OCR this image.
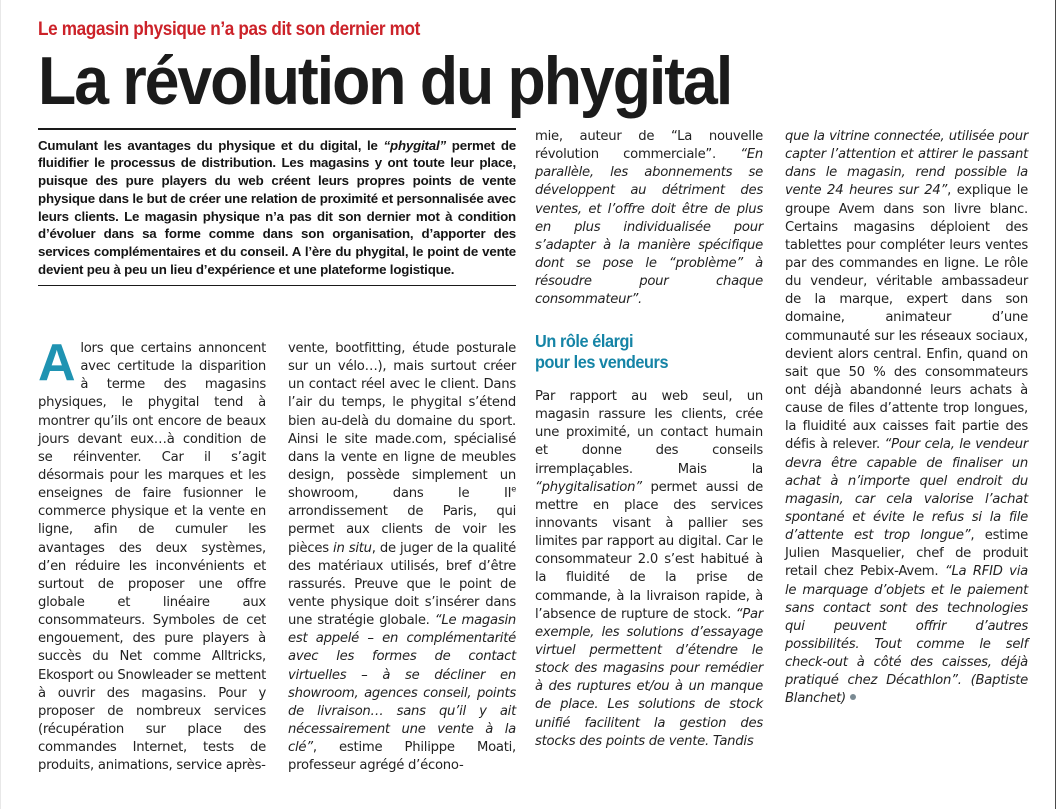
Le magasin physique n’a pas dit son dernier mot
La révolution du phygital

Cumulant les avantages du physique et du digital, le “phygital” permet de fluidifier le processus de distribution. Les magasins y ont toute leur place, puisque des pure players du web créent leurs propres points de vente physique dans le but de créer une relation de proximité et personnalisée avec leurs clients. Le magasin physique n’a pas dit son dernier mot à condition d’évoluer dans sa forme comme dans son organisation, d’apporter des services complémentaires et du conseil. A l’ère du phygital, le point de vente devient peu à peu un lieu d’expérience et une plateforme logistique.

Alors que certains annoncent avec certitude la disparition à terme des magasins physiques, le phygital tend à montrer qu’ils ont encore de beaux jours devant eux…à condition de se réinventer. Car il s’agit désormais pour les marques et les enseignes de faire fusionner le commerce physique et la vente en ligne, afin de cumuler les avantages des deux systèmes, d’en réduire les inconvénients et surtout de proposer une offre globale et linéaire aux consommateurs. Symboles de cet engouement, des pure players à succès du Net comme Alltricks, Ekosport ou Snowleader se mettent à ouvrir des magasins. Pour y proposer de nombreux services (récupération sur place des commandes Internet, tests de produits, animations, service après-

vente, bootfitting, étude posturale sur un vélo…), mais surtout créer un contact réel avec le client. Dans l’air du temps, le phygital s’étend bien au-delà du domaine du sport. Ainsi le site made.com, spécialisé dans la vente en ligne de meubles design, possède simplement un showroom, dans le IIe arrondissement de Paris, qui permet aux clients de voir les pièces in situ, de juger de la qualité des matériaux utilisés, bref d’être rassurés. Preuve que le point de vente physique doit s’insérer dans une stratégie globale. “Le magasin est appelé – en complémentarité avec les formes de contact virtuelles – à se décliner en showroom, agences conseil, points de livraison… sans qu’il y ait nécessairement une vente à la clé”, estime Philippe Moati, professeur agrégé d’écono-

mie, auteur de “La nouvelle révolution commerciale”. “En parallèle, les abonnements se développent au détriment des ventes, et l’offre doit être de plus en plus individualisée pour s’adapter à la manière spécifique dont se pose le “problème” à résoudre pour chaque consommateur”.

Un rôle élargi
pour les vendeurs

Par rapport au web seul, un magasin rassure les clients, crée une proximité, un contact humain et donne des conseils irremplaçables. Mais la “phygitalisation” permet aussi de mettre en place des services innovants visant à pallier ses limites par rapport au digital. Car le consommateur 2.0 s’est habitué à la fluidité de la prise de commande, à la livraison rapide, à l’absence de rupture de stock. “Par exemple, les solutions d’essayage virtuel permettent d’étendre le stock des magasins pour remédier à des ruptures et/ou à un manque de place. Les solutions de stock unifié facilitent la gestion des stocks des points de vente. Tandis

que la vitrine connectée, utilisée pour capter l’attention et attirer le passant dans le magasin, rend possible la vente 24 heures sur 24”, explique le groupe Avem dans son livre blanc. Certains magasins déploient des tablettes pour compléter leurs ventes par des commandes en ligne. Le rôle du vendeur, véritable ambassadeur de la marque, expert dans son domaine, animateur d’une communauté sur les réseaux sociaux, devient alors central. Enfin, quand on sait que 50 % des consommateurs ont déjà abandonné leurs achats à cause de files d’attente trop longues, la fluidité aux caisses fait partie des défis à relever. “Pour cela, le vendeur devra être capable de finaliser un achat à n’importe quel endroit du magasin, car cela valorise l’achat spontané et évite le refus si la file d’attente est trop longue”, estime Julien Masquelier, chef de produit retail chez Pebix-Avem. “La RFID via le marquage d’objets et le paiement sans contact sont des technologies qui peuvent offrir d’autres possibilités. Tout comme le self check-out à côté des caisses, déjà pratiqué chez Décathlon”. (Baptiste Blanchet)
